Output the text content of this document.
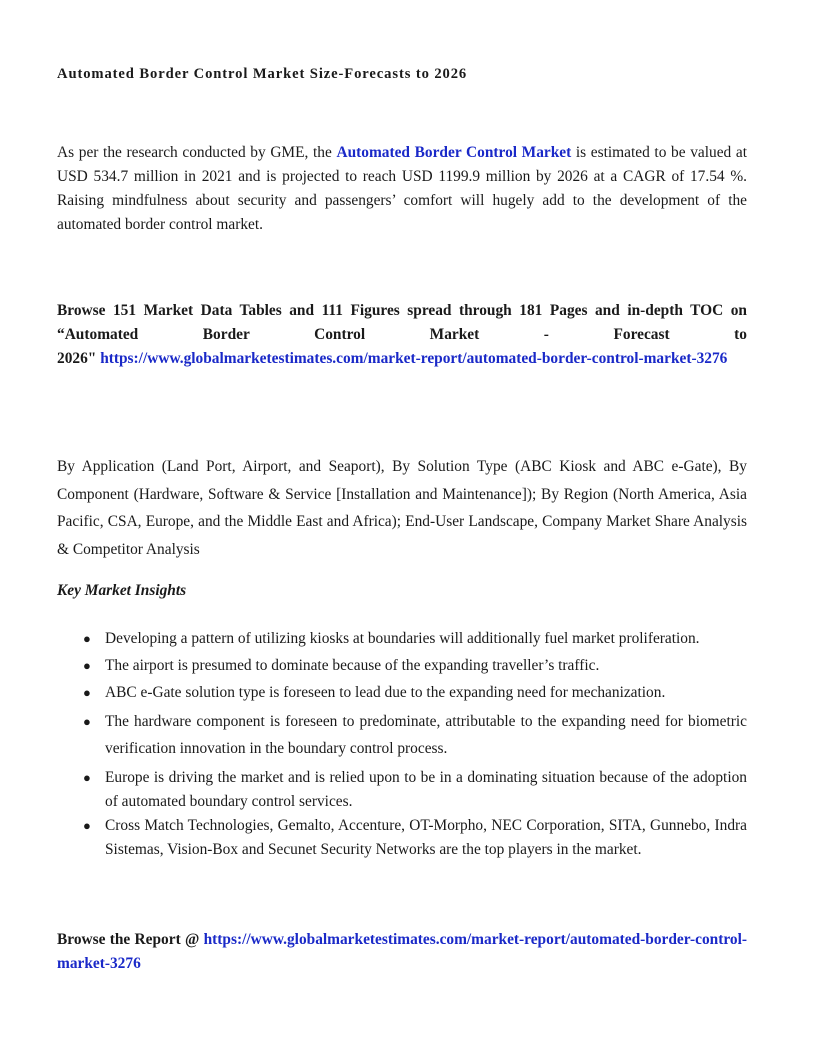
Automated Border Control Market Size-Forecasts to 2026

As per the research conducted by GME, the Automated Border Control Market is estimated to be valued at USD 534.7 million in 2021 and is projected to reach USD 1199.9 million by 2026 at a CAGR of 17.54 %. Raising mindfulness about security and passengers’ comfort will hugely add to the development of the automated border control market.

Browse 151 Market Data Tables and 111 Figures spread through 181 Pages and in-depth TOC on
“Automated Border Control Market - Forecast to
2026" https://www.globalmarketestimates.com/market-report/automated-border-control-market-3276

By Application (Land Port, Airport, and Seaport), By Solution Type (ABC Kiosk and ABC e-Gate), By Component (Hardware, Software & Service [Installation and Maintenance]); By Region (North America, Asia Pacific, CSA, Europe, and the Middle East and Africa); End-User Landscape, Company Market Share Analysis & Competitor Analysis

Key Market Insights
● Developing a pattern of utilizing kiosks at boundaries will additionally fuel market proliferation.
● The airport is presumed to dominate because of the expanding traveller’s traffic.
● ABC e-Gate solution type is foreseen to lead due to the expanding need for mechanization.
● The hardware component is foreseen to predominate, attributable to the expanding need for biometric verification innovation in the boundary control process.
● Europe is driving the market and is relied upon to be in a dominating situation because of the adoption of automated boundary control services.
● Cross Match Technologies, Gemalto, Accenture, OT-Morpho, NEC Corporation, SITA, Gunnebo, Indra Sistemas, Vision-Box and Secunet Security Networks are the top players in the market.

Browse the Report @ https://www.globalmarketestimates.com/market-report/automated-border-control-market-3276
